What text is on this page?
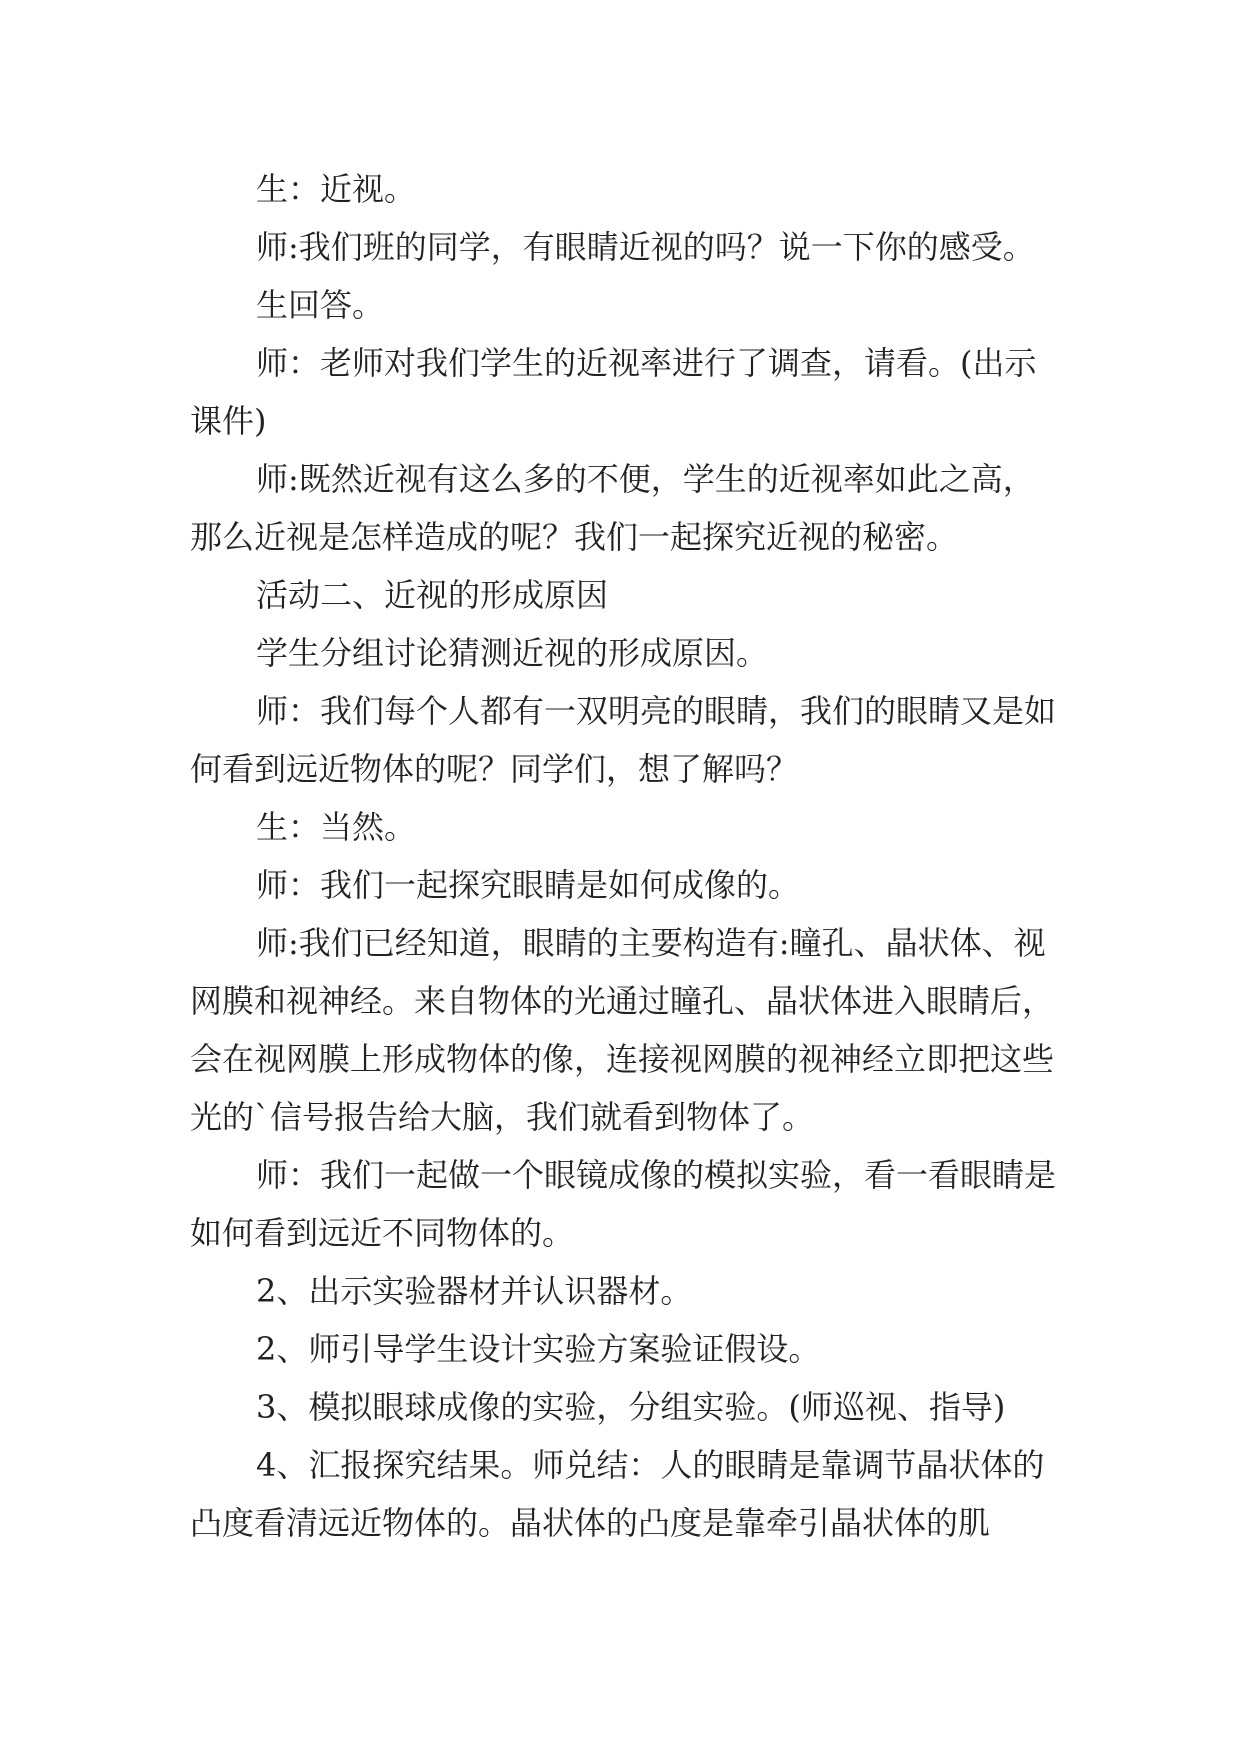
生：近视。

师:我们班的同学，有眼睛近视的吗？说一下你的感受。

生回答。

师：老师对我们学生的近视率进行了调查，请看。(出示课件)

师:既然近视有这么多的不便，学生的近视率如此之高，那么近视是怎样造成的呢？我们一起探究近视的秘密。

活动二、近视的形成原因

学生分组讨论猜测近视的形成原因。

师：我们每个人都有一双明亮的眼睛，我们的眼睛又是如何看到远近物体的呢？同学们，想了解吗？

生：当然。

师：我们一起探究眼睛是如何成像的。

师:我们已经知道，眼睛的主要构造有:瞳孔、晶状体、视网膜和视神经。来自物体的光通过瞳孔、晶状体进入眼睛后，会在视网膜上形成物体的像，连接视网膜的视神经立即把这些光的`信号报告给大脑，我们就看到物体了。

师：我们一起做一个眼镜成像的模拟实验，看一看眼睛是如何看到远近不同物体的。

2、出示实验器材并认识器材。

2、师引导学生设计实验方案验证假设。

3、模拟眼球成像的实验，分组实验。(师巡视、指导)

4、汇报探究结果。师兑结：人的眼睛是靠调节晶状体的凸度看清远近物体的。晶状体的凸度是靠牵引晶状体的肌
